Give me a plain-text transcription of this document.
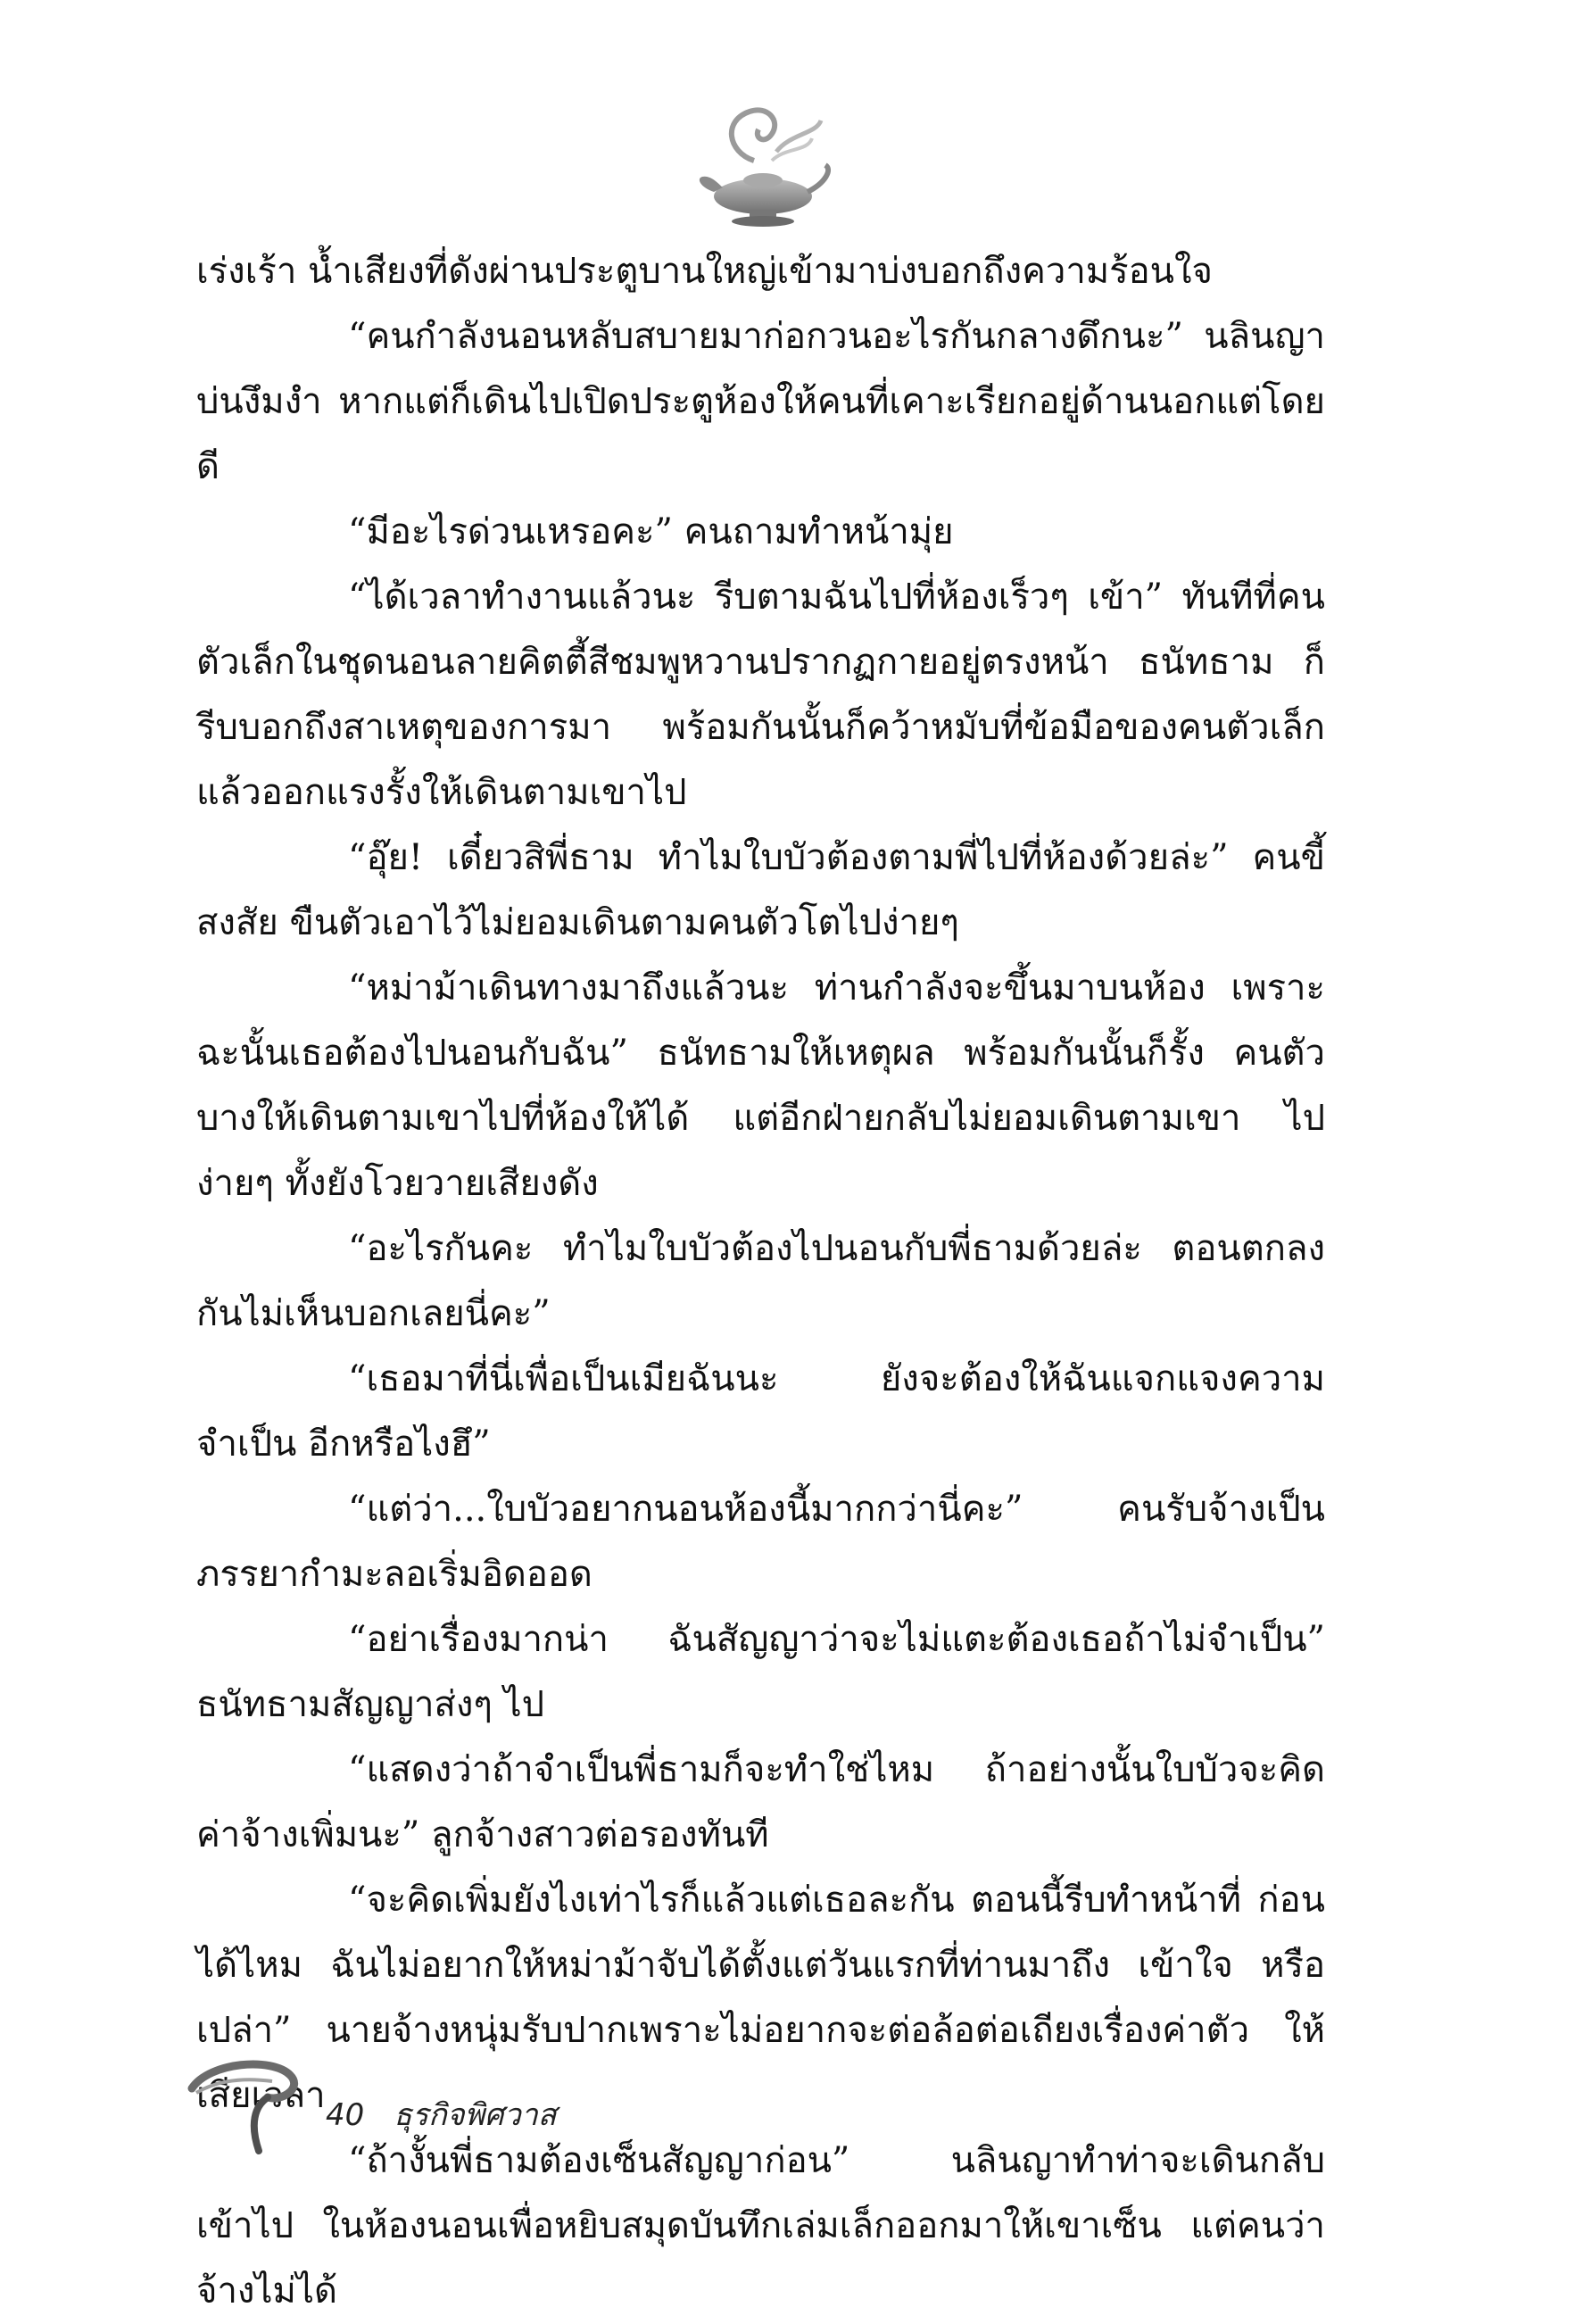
เร่งเร้า น้ำเสียงที่ดังผ่านประตูบานใหญ่เข้ามาบ่งบอกถึงความร้อนใจ

“คนกำลังนอนหลับสบายมาก่อกวนอะไรกันกลางดึกนะ” นลินญา บ่นงึมงำ หากแต่ก็เดินไปเปิดประตูห้องให้คนที่เคาะเรียกอยู่ด้านนอกแต่โดยดี

“มีอะไรด่วนเหรอคะ” คนถามทำหน้ามุ่ย

“ได้เวลาทำงานแล้วนะ รีบตามฉันไปที่ห้องเร็วๆ เข้า” ทันทีที่คนตัวเล็กในชุดนอนลายคิตตี้สีชมพูหวานปรากฏกายอยู่ตรงหน้า ธนัทธาม ก็รีบบอกถึงสาเหตุของการมา พร้อมกันนั้นก็คว้าหมับที่ข้อมือของคนตัวเล็ก แล้วออกแรงรั้งให้เดินตามเขาไป

“อุ๊ย! เดี๋ยวสิพี่ธาม ทำไมใบบัวต้องตามพี่ไปที่ห้องด้วยล่ะ” คนขี้สงสัย ขืนตัวเอาไว้ไม่ยอมเดินตามคนตัวโตไปง่ายๆ

“หม่าม้าเดินทางมาถึงแล้วนะ ท่านกำลังจะขึ้นมาบนห้อง เพราะฉะนั้นเธอต้องไปนอนกับฉัน” ธนัทธามให้เหตุผล พร้อมกันนั้นก็รั้ง คนตัวบางให้เดินตามเขาไปที่ห้องให้ได้ แต่อีกฝ่ายกลับไม่ยอมเดินตามเขา ไปง่ายๆ ทั้งยังโวยวายเสียงดัง

“อะไรกันคะ ทำไมใบบัวต้องไปนอนกับพี่ธามด้วยล่ะ ตอนตกลง กันไม่เห็นบอกเลยนี่คะ”

“เธอมาที่นี่เพื่อเป็นเมียฉันนะ ยังจะต้องให้ฉันแจกแจงความจำเป็น อีกหรือไงฮึ”

“แต่ว่า...ใบบัวอยากนอนห้องนี้มากกว่านี่คะ” คนรับจ้างเป็น ภรรยากำมะลอเริ่มอิดออด

“อย่าเรื่องมากน่า ฉันสัญญาว่าจะไม่แตะต้องเธอถ้าไม่จำเป็น” ธนัทธามสัญญาส่งๆ ไป

“แสดงว่าถ้าจำเป็นพี่ธามก็จะทำใช่ไหม ถ้าอย่างนั้นใบบัวจะคิด ค่าจ้างเพิ่มนะ” ลูกจ้างสาวต่อรองทันที

“จะคิดเพิ่มยังไงเท่าไรก็แล้วแต่เธอละกัน ตอนนี้รีบทำหน้าที่ ก่อนได้ไหม ฉันไม่อยากให้หม่าม้าจับได้ตั้งแต่วันแรกที่ท่านมาถึง เข้าใจ หรือเปล่า” นายจ้างหนุ่มรับปากเพราะไม่อยากจะต่อล้อต่อเถียงเรื่องค่าตัว ให้เสียเวลา

“ถ้างั้นพี่ธามต้องเซ็นสัญญาก่อน” นลินญาทำท่าจะเดินกลับเข้าไป ในห้องนอนเพื่อหยิบสมุดบันทึกเล่มเล็กออกมาให้เขาเซ็น แต่คนว่าจ้างไม่ได้

40 ธุรกิจพิศวาส
